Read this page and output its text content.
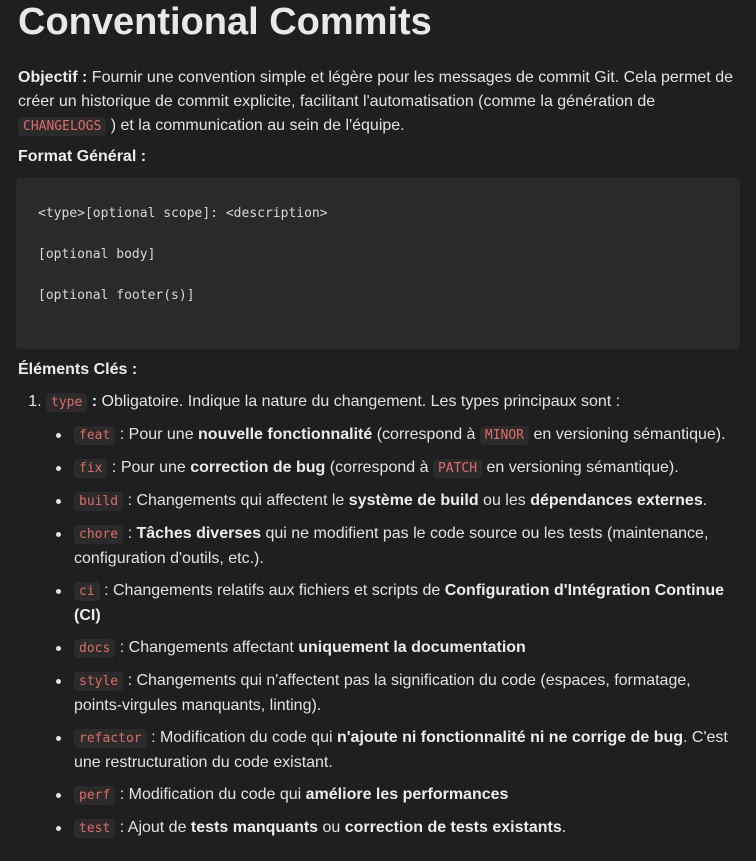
Conventional Commits

Objectif : Fournir une convention simple et légère pour les messages de commit Git. Cela permet de créer un historique de commit explicite, facilitant l'automatisation (comme la génération de CHANGELOGS ) et la communication au sein de l'équipe.

Format Général :

<type>[optional scope]: <description>
[optional body]
[optional footer(s)]

Éléments Clés :

1. type : Obligatoire. Indique la nature du changement. Les types principaux sont :
feat : Pour une nouvelle fonctionnalité (correspond à MINOR en versioning sémantique).
fix : Pour une correction de bug (correspond à PATCH en versioning sémantique).
build : Changements qui affectent le système de build ou les dépendances externes.
chore : Tâches diverses qui ne modifient pas le code source ou les tests (maintenance, configuration d'outils, etc.).
ci : Changements relatifs aux fichiers et scripts de Configuration d'Intégration Continue (CI)
docs : Changements affectant uniquement la documentation
style : Changements qui n'affectent pas la signification du code (espaces, formatage, points-virgules manquants, linting).
refactor : Modification du code qui n'ajoute ni fonctionnalité ni ne corrige de bug. C'est une restructuration du code existant.
perf : Modification du code qui améliore les performances
test : Ajout de tests manquants ou correction de tests existants.
